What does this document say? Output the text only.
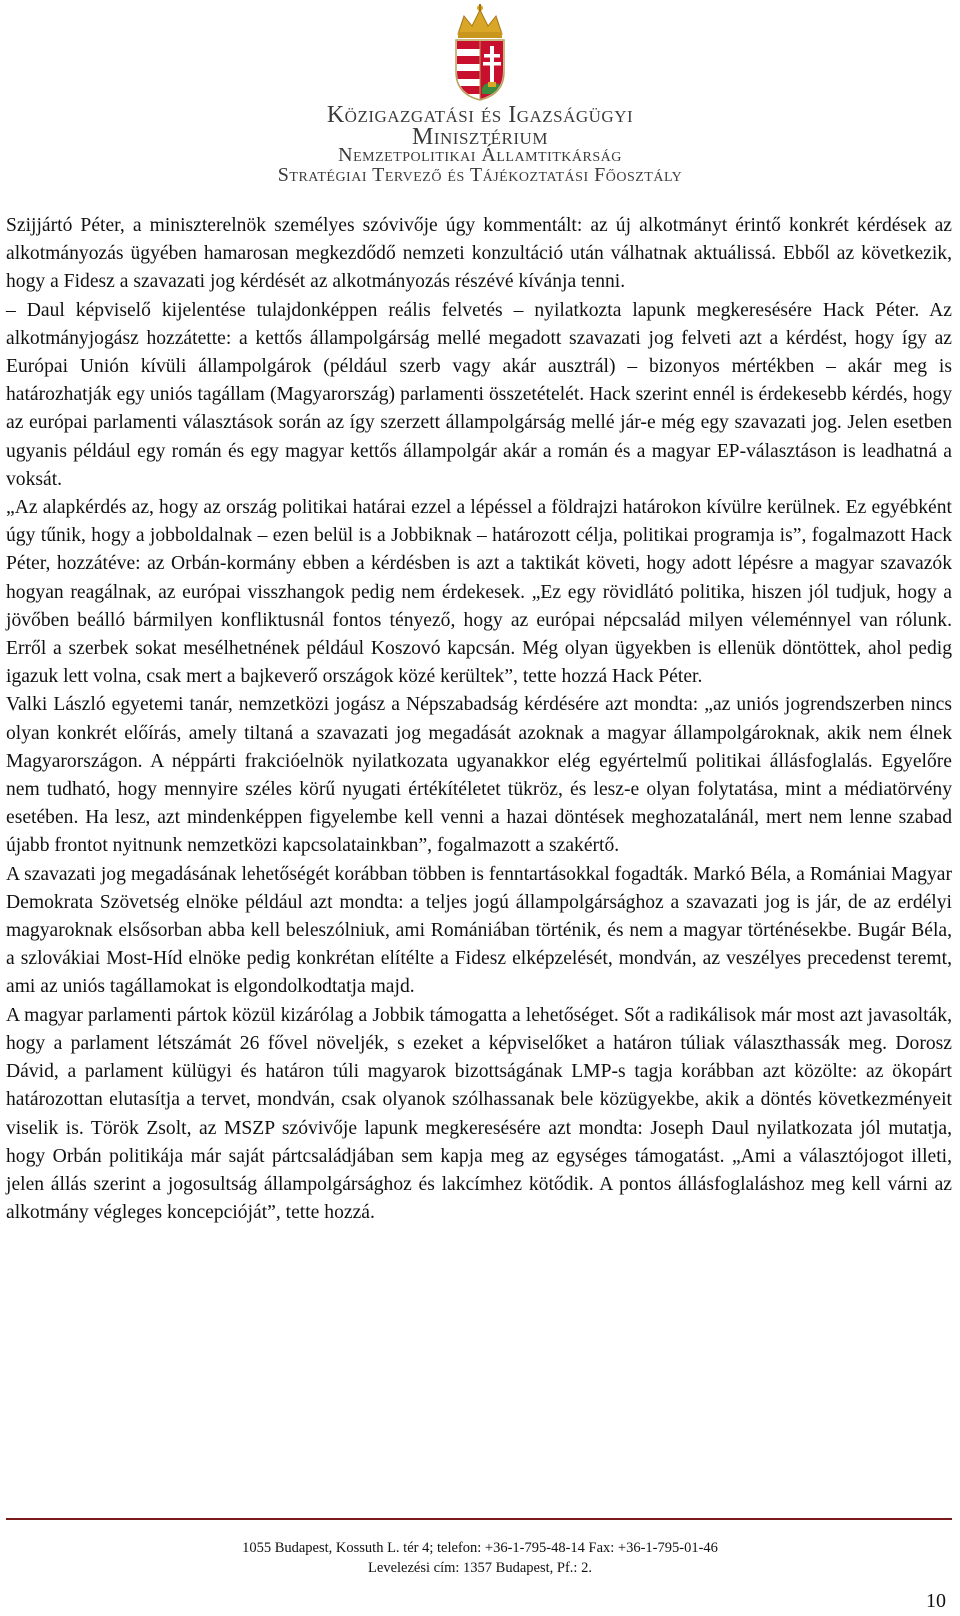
Közigazgatási és Igazságügyi
Minisztérium
Nemzetpolitikai Államtitkárság
Stratégiai Tervező és Tájékoztatási Főosztály

Szijjártó Péter, a miniszterelnök személyes szóvivője úgy kommentált: az új alkotmányt érintő konkrét kérdések az alkotmányozás ügyében hamarosan megkezdődő nemzeti konzultáció után válhatnak aktuálissá. Ebből az következik, hogy a Fidesz a szavazati jog kérdését az alkotmányozás részévé kívánja tenni.

– Daul képviselő kijelentése tulajdonképpen reális felvetés – nyilatkozta lapunk megkeresésére Hack Péter. Az alkotmányjogász hozzátette: a kettős állampolgárság mellé megadott szavazati jog felveti azt a kérdést, hogy így az Európai Unión kívüli állampolgárok (például szerb vagy akár ausztrál) – bizonyos mértékben – akár meg is határozhatják egy uniós tagállam (Magyarország) parlamenti összetételét. Hack szerint ennél is érdekesebb kérdés, hogy az európai parlamenti választások során az így szerzett állampolgárság mellé jár-e még egy szavazati jog. Jelen esetben ugyanis például egy román és egy magyar kettős állampolgár akár a román és a magyar EP-választáson is leadhatná a voksát.

„Az alapkérdés az, hogy az ország politikai határai ezzel a lépéssel a földrajzi határokon kívülre kerülnek. Ez egyébként úgy tűnik, hogy a jobboldalnak – ezen belül is a Jobbiknak – határozott célja, politikai programja is”, fogalmazott Hack Péter, hozzátéve: az Orbán-kormány ebben a kérdésben is azt a taktikát követi, hogy adott lépésre a magyar szavazók hogyan reagálnak, az európai visszhangok pedig nem érdekesek. „Ez egy rövidlátó politika, hiszen jól tudjuk, hogy a jövőben beálló bármilyen konfliktusnál fontos tényező, hogy az európai népcsalád milyen véleménnyel van rólunk. Erről a szerbek sokat mesélhetnének például Koszovó kapcsán. Még olyan ügyekben is ellenük döntöttek, ahol pedig igazuk lett volna, csak mert a bajkeverő országok közé kerültek”, tette hozzá Hack Péter.

Valki László egyetemi tanár, nemzetközi jogász a Népszabadság kérdésére azt mondta: „az uniós jogrendszerben nincs olyan konkrét előírás, amely tiltaná a szavazati jog megadását azoknak a magyar állampolgároknak, akik nem élnek Magyarországon. A néppárti frakcióelnök nyilatkozata ugyanakkor elég egyértelmű politikai állásfoglalás. Egyelőre nem tudható, hogy mennyire széles körű nyugati értékítéletet tükröz, és lesz-e olyan folytatása, mint a médiatörvény esetében. Ha lesz, azt mindenképpen figyelembe kell venni a hazai döntések meghozatalánál, mert nem lenne szabad újabb frontot nyitnunk nemzetközi kapcsolatainkban”, fogalmazott a szakértő.

A szavazati jog megadásának lehetőségét korábban többen is fenntartásokkal fogadták. Markó Béla, a Romániai Magyar Demokrata Szövetség elnöke például azt mondta: a teljes jogú állampolgársághoz a szavazati jog is jár, de az erdélyi magyaroknak elsősorban abba kell beleszólniuk, ami Romániában történik, és nem a magyar történésekbe. Bugár Béla, a szlovákiai Most-Híd elnöke pedig konkrétan elítélte a Fidesz elképzelését, mondván, az veszélyes precedenst teremt, ami az uniós tagállamokat is elgondolkodtatja majd.

A magyar parlamenti pártok közül kizárólag a Jobbik támogatta a lehetőséget. Sőt a radikálisok már most azt javasolták, hogy a parlament létszámát 26 fővel növeljék, s ezeket a képviselőket a határon túliak választhassák meg. Dorosz Dávid, a parlament külügyi és határon túli magyarok bizottságának LMP-s tagja korábban azt közölte: az ökopárt határozottan elutasítja a tervet, mondván, csak olyanok szólhassanak bele közügyekbe, akik a döntés következményeit viselik is. Török Zsolt, az MSZP szóvivője lapunk megkeresésére azt mondta: Joseph Daul nyilatkozata jól mutatja, hogy Orbán politikája már saját pártcsaládjában sem kapja meg az egységes támogatást. „Ami a választójogot illeti, jelen állás szerint a jogosultság állampolgársághoz és lakcímhez kötődik. A pontos állásfoglaláshoz meg kell várni az alkotmány végleges koncepcióját”, tette hozzá.

1055 Budapest, Kossuth L. tér 4; telefon: +36-1-795-48-14 Fax: +36-1-795-01-46
Levelezési cím: 1357 Budapest, Pf.: 2.
10
